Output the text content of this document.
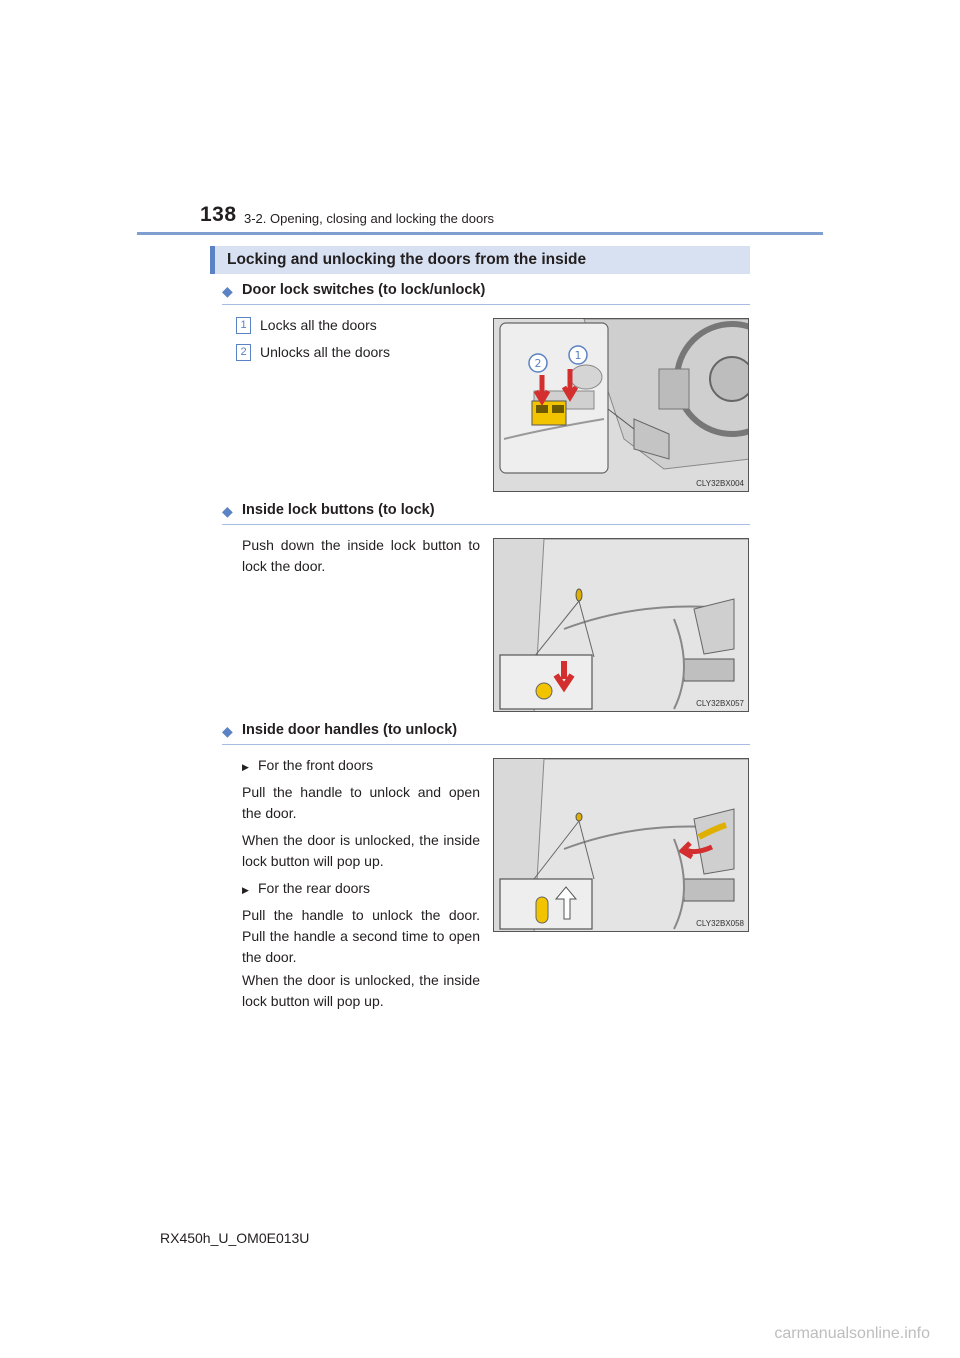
138 3-2. Opening, closing and locking the doors
Locking and unlocking the doors from the inside
◆ Door lock switches (to lock/unlock)
1 Locks all the doors
2 Unlocks all the doors
2
1
CLY32BX004
◆ Inside lock buttons (to lock)
Push down the inside lock button to lock the door.
CLY32BX057
◆ Inside door handles (to unlock)
▶ For the front doors
Pull the handle to unlock and open the door.
When the door is unlocked, the inside lock button will pop up.
▶ For the rear doors
Pull the handle to unlock the door. Pull the handle a second time to open the door.
When the door is unlocked, the inside lock button will pop up.
CLY32BX058
RX450h_U_OM0E013U
carmanualsonline.info
